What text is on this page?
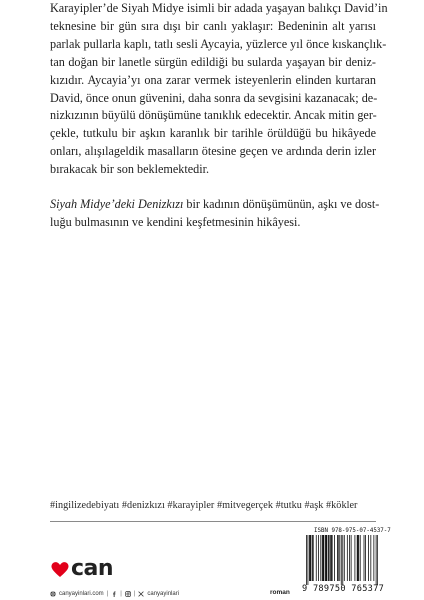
Karayipler’de Siyah Midye isimli bir adada yaşayan balıkçı David’in
teknesine bir gün sıra dışı bir canlı yaklaşır: Bedeninin alt yarısı
parlak pullarla kaplı, tatlı sesli Aycayia, yüzlerce yıl önce kıskançlık-
tan doğan bir lanetle sürgün edildiği bu sularda yaşayan bir deniz-
kızıdır. Aycayia’yı ona zarar vermek isteyenlerin elinden kurtaran
David, önce onun güvenini, daha sonra da sevgisini kazanacak; de-
nizkızının büyülü dönüşümüne tanıklık edecektir. Ancak mitin ger-
çekle, tutkulu bir aşkın karanlık bir tarihle örüldüğü bu hikâyede
onları, alışılageldik masalların ötesine geçen ve ardında derin izler
bırakacak bir son beklemektedir.

Siyah Midye’deki Denizkızı bir kadının dönüşümünün, aşkı ve dost-
luğu bulmasının ve kendini keşfetmesinin hikâyesi.

#ingilizedebiyatı #denizkızı #karayipler #mitvegerçek #tutku #aşk #kökler
ISBN 978-975-07-4537-7
9 789750 765377
can
canyayinlari.com | | | canyayinlari	roman
